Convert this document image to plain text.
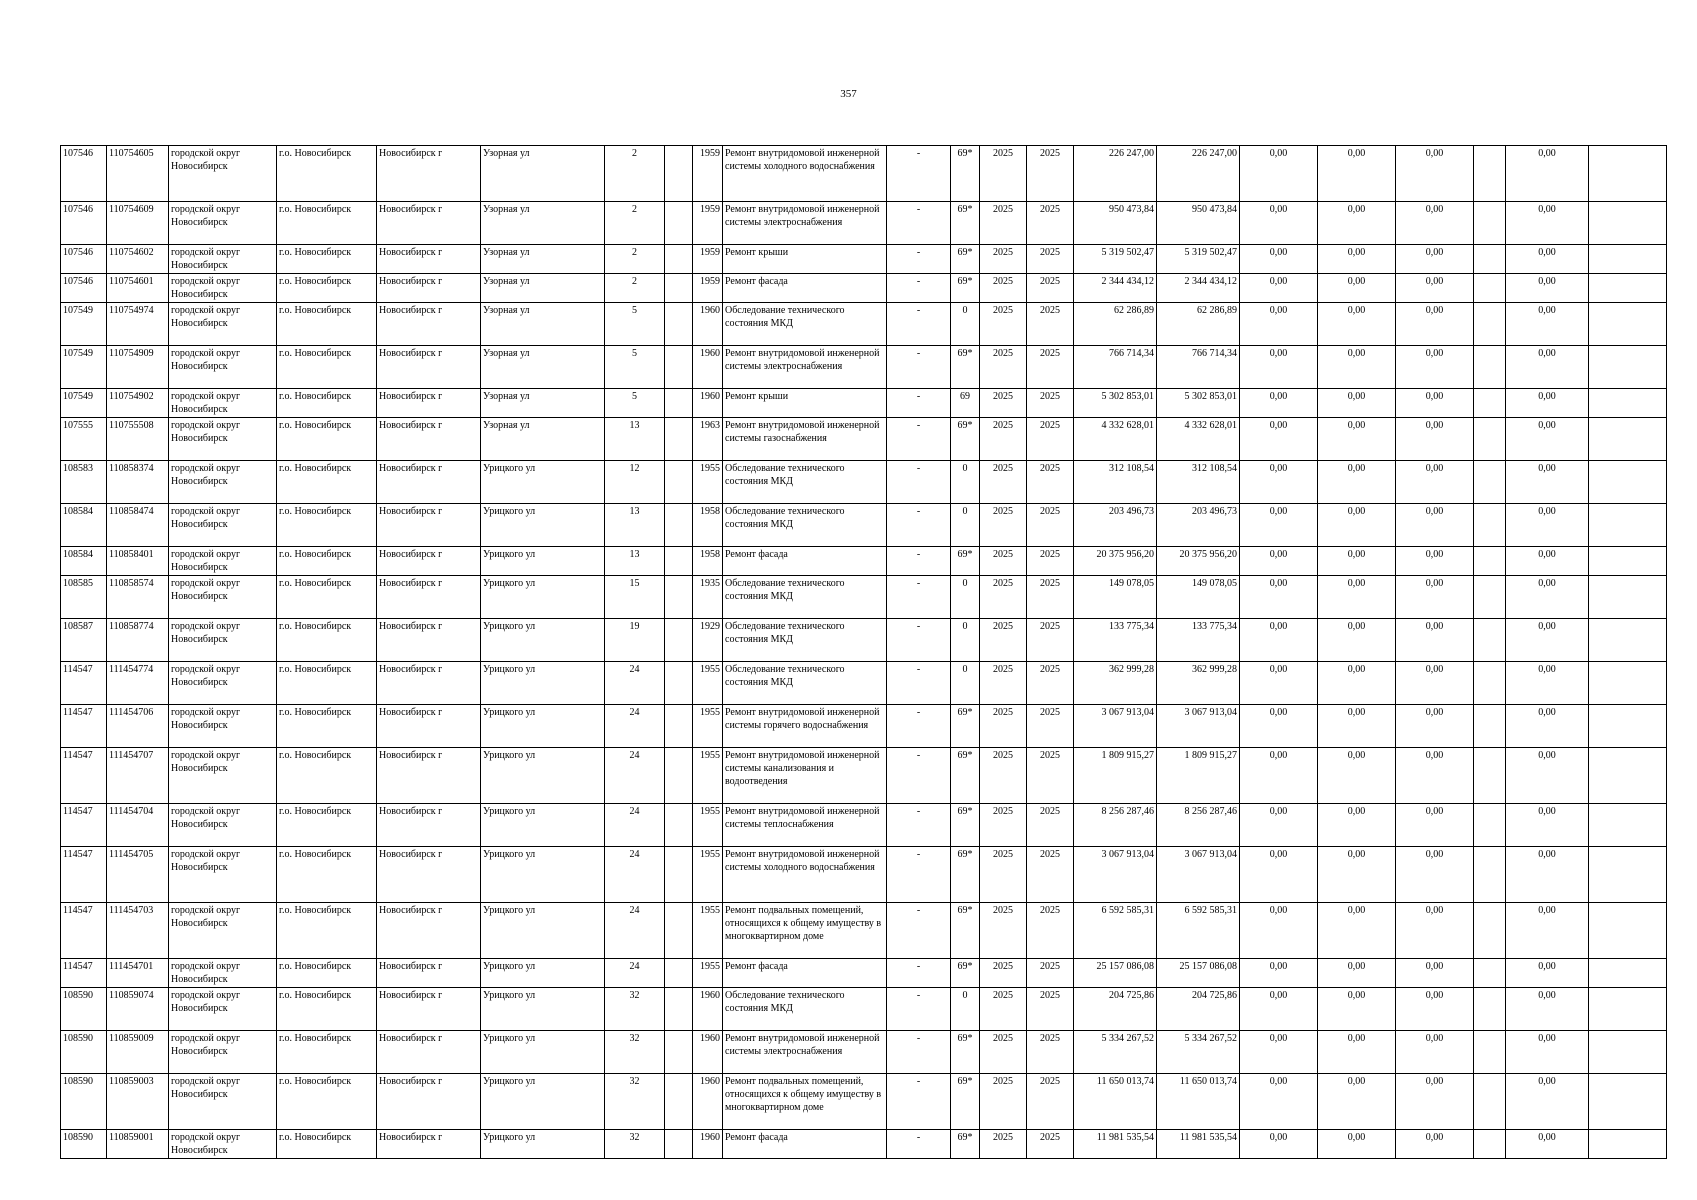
357
107546	110754605	городской округ Новосибирск	г.о. Новосибирск	Новосибирск г	Узорная ул	2		1959	Ремонт внутридомовой инженерной системы холодного водоснабжения	-	69*	2025	2025	226 247,00	226 247,00	0,00	0,00	0,00		0,00	

107546	110754609	городской округ Новосибирск	г.о. Новосибирск	Новосибирск г	Узорная ул	2		1959	Ремонт внутридомовой инженерной системы электроснабжения	-	69*	2025	2025	950 473,84	950 473,84	0,00	0,00	0,00		0,00	

107546	110754602	городской округ Новосибирск	г.о. Новосибирск	Новосибирск г	Узорная ул	2		1959	Ремонт крыши	-	69*	2025	2025	5 319 502,47	5 319 502,47	0,00	0,00	0,00		0,00	

107546	110754601	городской округ Новосибирск	г.о. Новосибирск	Новосибирск г	Узорная ул	2		1959	Ремонт фасада	-	69*	2025	2025	2 344 434,12	2 344 434,12	0,00	0,00	0,00		0,00	

107549	110754974	городской округ Новосибирск	г.о. Новосибирск	Новосибирск г	Узорная ул	5		1960	Обследование технического состояния МКД	-	0	2025	2025	62 286,89	62 286,89	0,00	0,00	0,00		0,00	

107549	110754909	городской округ Новосибирск	г.о. Новосибирск	Новосибирск г	Узорная ул	5		1960	Ремонт внутридомовой инженерной системы электроснабжения	-	69*	2025	2025	766 714,34	766 714,34	0,00	0,00	0,00		0,00	

107549	110754902	городской округ Новосибирск	г.о. Новосибирск	Новосибирск г	Узорная ул	5		1960	Ремонт крыши	-	69	2025	2025	5 302 853,01	5 302 853,01	0,00	0,00	0,00		0,00	

107555	110755508	городской округ Новосибирск	г.о. Новосибирск	Новосибирск г	Узорная ул	13		1963	Ремонт внутридомовой инженерной системы газоснабжения	-	69*	2025	2025	4 332 628,01	4 332 628,01	0,00	0,00	0,00		0,00	

108583	110858374	городской округ Новосибирск	г.о. Новосибирск	Новосибирск г	Урицкого ул	12		1955	Обследование технического состояния МКД	-	0	2025	2025	312 108,54	312 108,54	0,00	0,00	0,00		0,00	

108584	110858474	городской округ Новосибирск	г.о. Новосибирск	Новосибирск г	Урицкого ул	13		1958	Обследование технического состояния МКД	-	0	2025	2025	203 496,73	203 496,73	0,00	0,00	0,00		0,00	

108584	110858401	городской округ Новосибирск	г.о. Новосибирск	Новосибирск г	Урицкого ул	13		1958	Ремонт фасада	-	69*	2025	2025	20 375 956,20	20 375 956,20	0,00	0,00	0,00		0,00	

108585	110858574	городской округ Новосибирск	г.о. Новосибирск	Новосибирск г	Урицкого ул	15		1935	Обследование технического состояния МКД	-	0	2025	2025	149 078,05	149 078,05	0,00	0,00	0,00		0,00	

108587	110858774	городской округ Новосибирск	г.о. Новосибирск	Новосибирск г	Урицкого ул	19		1929	Обследование технического состояния МКД	-	0	2025	2025	133 775,34	133 775,34	0,00	0,00	0,00		0,00	

114547	111454774	городской округ Новосибирск	г.о. Новосибирск	Новосибирск г	Урицкого ул	24		1955	Обследование технического состояния МКД	-	0	2025	2025	362 999,28	362 999,28	0,00	0,00	0,00		0,00	

114547	111454706	городской округ Новосибирск	г.о. Новосибирск	Новосибирск г	Урицкого ул	24		1955	Ремонт внутридомовой инженерной системы горячего водоснабжения	-	69*	2025	2025	3 067 913,04	3 067 913,04	0,00	0,00	0,00		0,00	

114547	111454707	городской округ Новосибирск	г.о. Новосибирск	Новосибирск г	Урицкого ул	24		1955	Ремонт внутридомовой инженерной системы канализования и водоотведения	-	69*	2025	2025	1 809 915,27	1 809 915,27	0,00	0,00	0,00		0,00	

114547	111454704	городской округ Новосибирск	г.о. Новосибирск	Новосибирск г	Урицкого ул	24		1955	Ремонт внутридомовой инженерной системы теплоснабжения	-	69*	2025	2025	8 256 287,46	8 256 287,46	0,00	0,00	0,00		0,00	

114547	111454705	городской округ Новосибирск	г.о. Новосибирск	Новосибирск г	Урицкого ул	24		1955	Ремонт внутридомовой инженерной системы холодного водоснабжения	-	69*	2025	2025	3 067 913,04	3 067 913,04	0,00	0,00	0,00		0,00	

114547	111454703	городской округ Новосибирск	г.о. Новосибирск	Новосибирск г	Урицкого ул	24		1955	Ремонт подвальных помещений, относящихся к общему имуществу в многоквартирном доме	-	69*	2025	2025	6 592 585,31	6 592 585,31	0,00	0,00	0,00		0,00	

114547	111454701	городской округ Новосибирск	г.о. Новосибирск	Новосибирск г	Урицкого ул	24		1955	Ремонт фасада	-	69*	2025	2025	25 157 086,08	25 157 086,08	0,00	0,00	0,00		0,00	

108590	110859074	городской округ Новосибирск	г.о. Новосибирск	Новосибирск г	Урицкого ул	32		1960	Обследование технического состояния МКД	-	0	2025	2025	204 725,86	204 725,86	0,00	0,00	0,00		0,00	

108590	110859009	городской округ Новосибирск	г.о. Новосибирск	Новосибирск г	Урицкого ул	32		1960	Ремонт внутридомовой инженерной системы электроснабжения	-	69*	2025	2025	5 334 267,52	5 334 267,52	0,00	0,00	0,00		0,00	

108590	110859003	городской округ Новосибирск	г.о. Новосибирск	Новосибирск г	Урицкого ул	32		1960	Ремонт подвальных помещений, относящихся к общему имуществу в многоквартирном доме	-	69*	2025	2025	11 650 013,74	11 650 013,74	0,00	0,00	0,00		0,00	

108590	110859001	городской округ Новосибирск	г.о. Новосибирск	Новосибирск г	Урицкого ул	32		1960	Ремонт фасада	-	69*	2025	2025	11 981 535,54	11 981 535,54	0,00	0,00	0,00		0,00	
